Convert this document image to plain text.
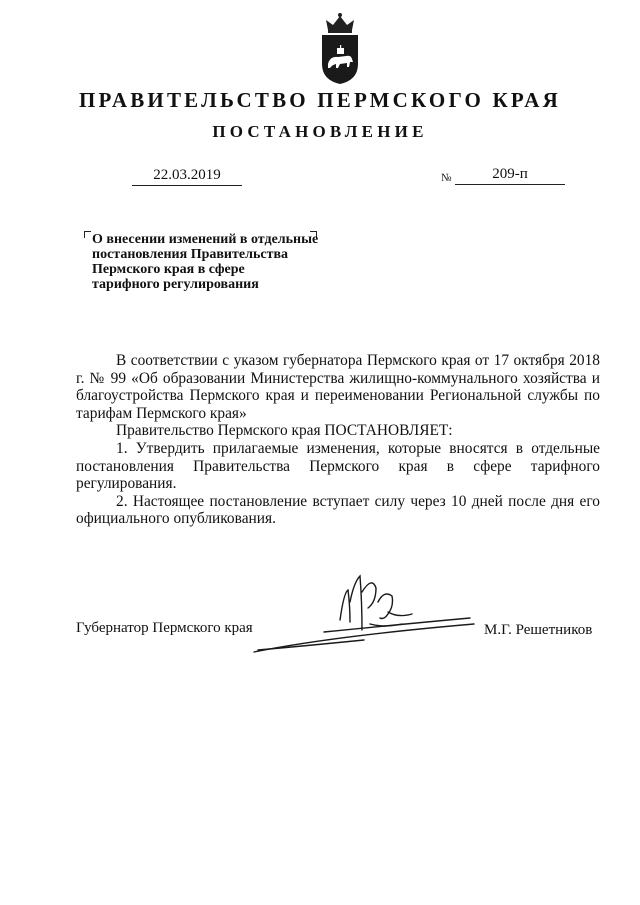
ПРАВИТЕЛЬСТВО ПЕРМСКОГО КРАЯ
ПОСТАНОВЛЕНИЕ
22.03.2019	№	209-п
О внесении изменений в отдельные
постановления Правительства
Пермского края в сфере
тарифного регулирования

В соответствии с указом губернатора Пермского края от 17 октября 2018 г. № 99 «Об образовании Министерства жилищно-коммунального хозяйства и благоустройства Пермского края и переименовании Региональной службы по тарифам Пермского края»

Правительство Пермского края ПОСТАНОВЛЯЕТ:

1. Утвердить прилагаемые изменения, которые вносятся в отдельные постановления Правительства Пермского края в сфере тарифного регулирования.

2. Настоящее постановление вступает силу через 10 дней после дня его официального опубликования.

Губернатор Пермского края	М.Г. Решетников
